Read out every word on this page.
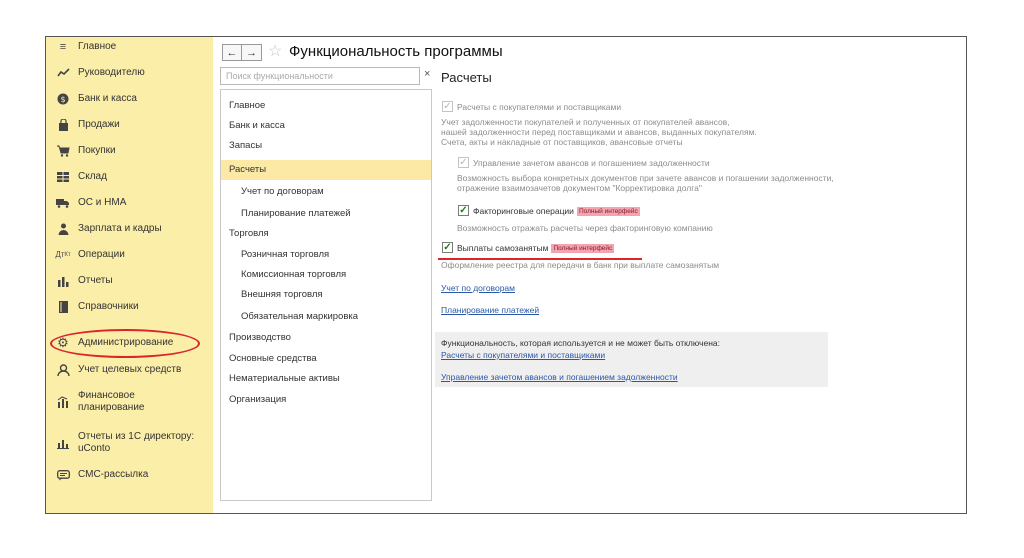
≡	Главное
Руководителю
$ Банк и касса
Продажи
Покупки
Склад
ОС и НМА
Зарплата и кадры
Дт Кт Операции
Отчеты
Справочники
⚙ Администрирование
Учет целевых средств
Финансовое планирование
Отчеты из 1С директору: uConto
СМС-рассылка
← → ☆ Функциональность программы
Поиск функциональности	×
Главное
Банк и касса
Запасы
Расчеты
Учет по договорам
Планирование платежей
Торговля
Розничная торговля
Комиссионная торговля
Внешняя торговля
Обязательная маркировка
Производство
Основные средства
Нематериальные активы
Организация
Расчеты
✓ Расчеты с покупателями и поставщиками
Учет задолженности покупателей и полученных от покупателей авансов,
нашей задолженности перед поставщиками и авансов, выданных покупателям.
Счета, акты и накладные от поставщиков, авансовые отчеты
✓ Управление зачетом авансов и погашением задолженности
Возможность выбора конкретных документов при зачете авансов и погашении задолженности,
отражение взаимозачетов документом "Корректировка долга"
✓ Факторинговые операции Полный интерфейс
Возможность отражать расчеты через факторинговую компанию
✓ Выплаты самозанятым Полный интерфейс
Оформление реестра для передачи в банк при выплате самозанятым
Учет по договорам
Планирование платежей
Функциональность, которая используется и не может быть отключена:
Расчеты с покупателями и поставщиками
Управление зачетом авансов и погашением задолженности
